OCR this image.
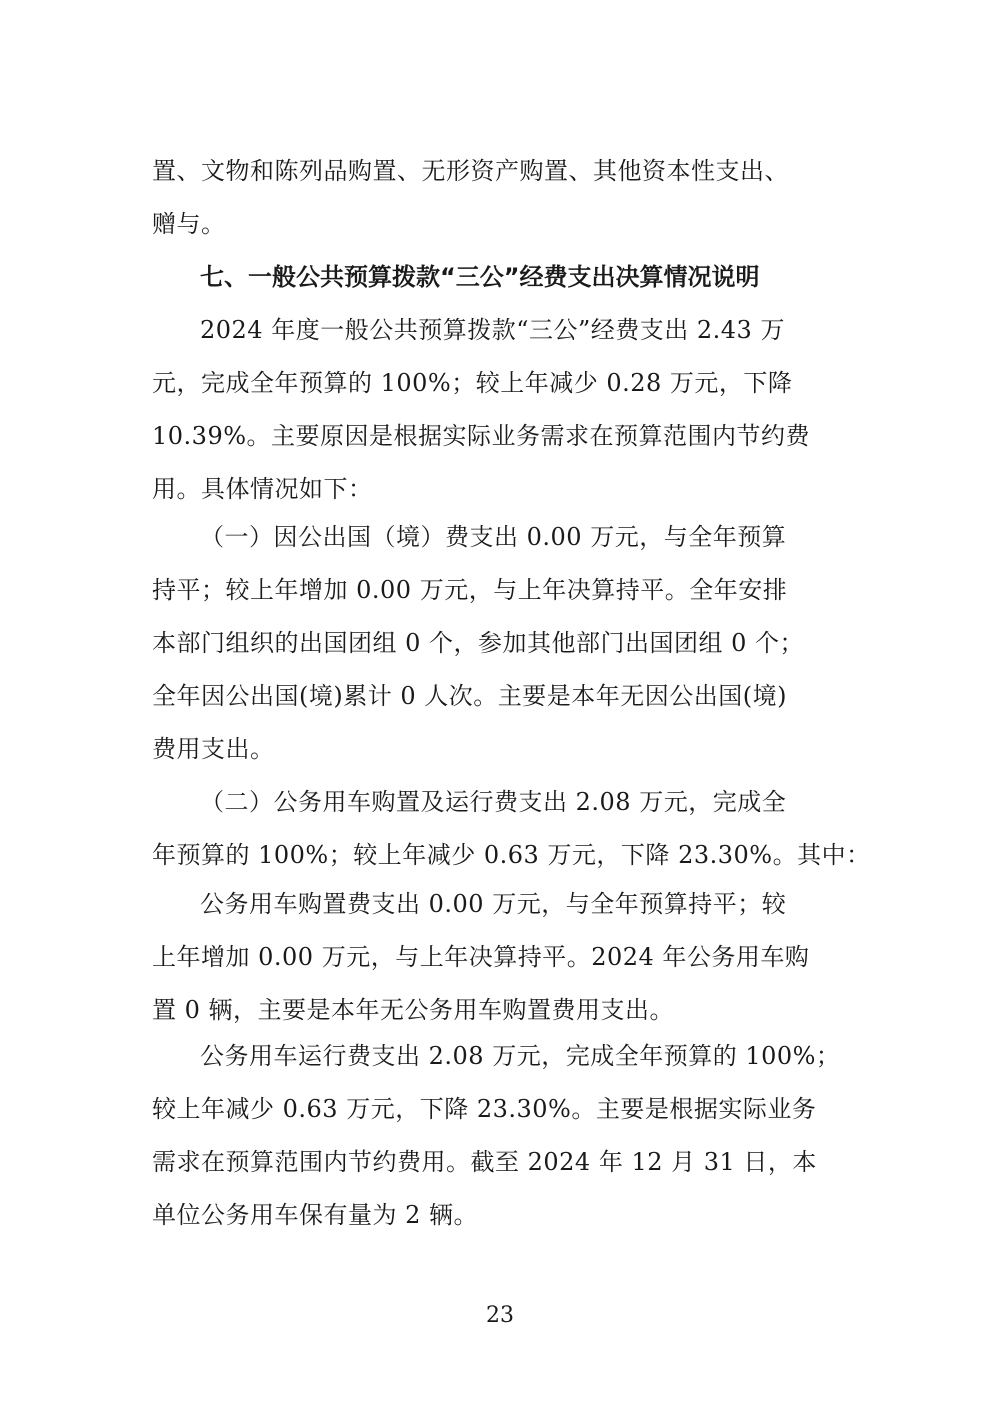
置、文物和陈列品购置、无形资产购置、其他资本性支出、
赠与。
七、一般公共预算拨款“三公”经费支出决算情况说明
2024 年度一般公共预算拨款“三公”经费支出 2.43 万
元，完成全年预算的 100%；较上年减少 0.28 万元，下降
10.39%。主要原因是根据实际业务需求在预算范围内节约费
用。具体情况如下：
（一）因公出国（境）费支出 0.00 万元，与全年预算
持平；较上年增加 0.00 万元，与上年决算持平。全年安排
本部门组织的出国团组 0 个，参加其他部门出国团组 0 个；
全年因公出国(境)累计 0 人次。主要是本年无因公出国(境)
费用支出。
（二）公务用车购置及运行费支出 2.08 万元，完成全
年预算的 100%；较上年减少 0.63 万元，下降 23.30%。其中：
公务用车购置费支出 0.00 万元，与全年预算持平；较
上年增加 0.00 万元，与上年决算持平。2024 年公务用车购
置 0 辆，主要是本年无公务用车购置费用支出。
公务用车运行费支出 2.08 万元，完成全年预算的 100%；
较上年减少 0.63 万元，下降 23.30%。主要是根据实际业务
需求在预算范围内节约费用。截至 2024 年 12 月 31 日，本
单位公务用车保有量为 2 辆。
23
